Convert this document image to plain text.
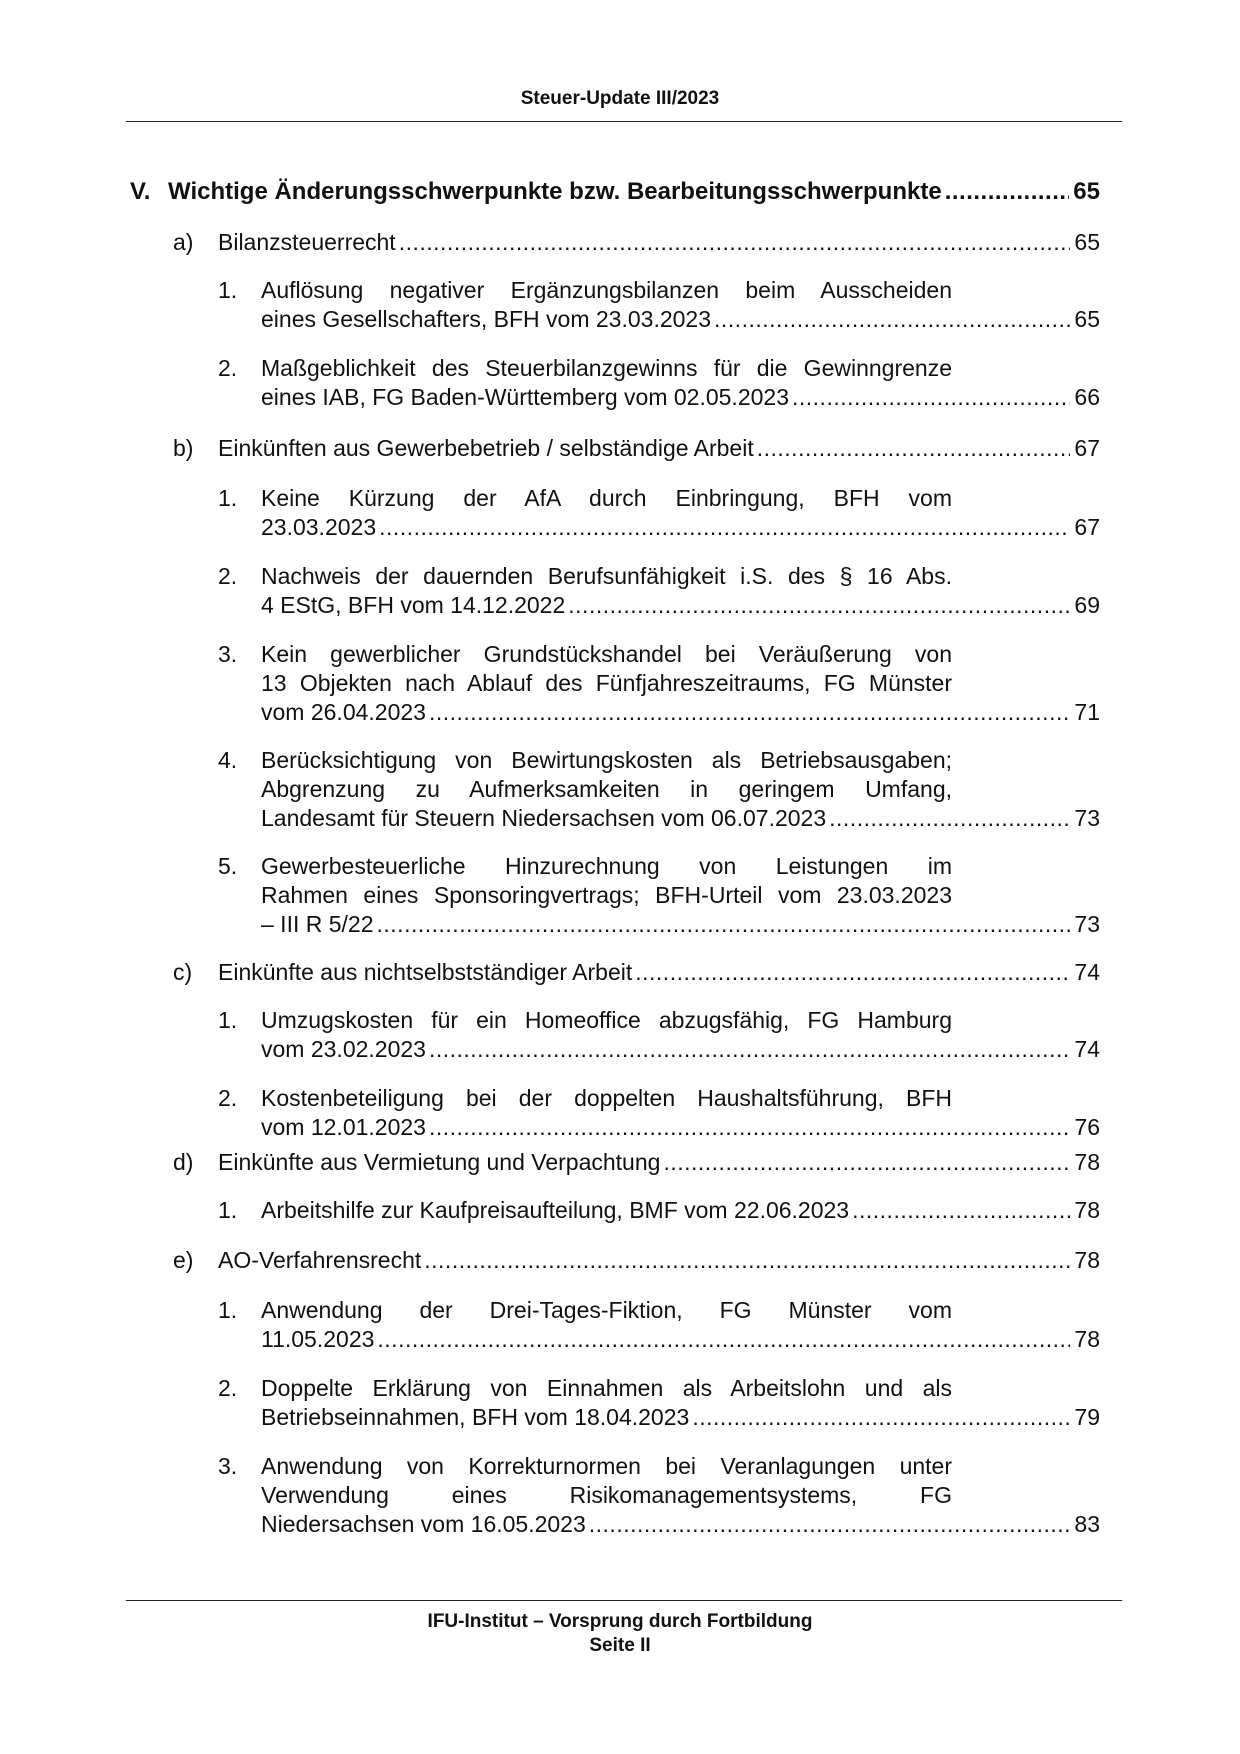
Steuer-Update III/2023
V. Wichtige Änderungsschwerpunkte bzw. Bearbeitungsschwerpunkte .....	65
a) Bilanzsteuerrecht .....	65
1. Auflösung negativer Ergänzungsbilanzen beim Ausscheiden
eines Gesellschafters, BFH vom 23.03.2023 .....	65
2. Maßgeblichkeit des Steuerbilanzgewinns für die Gewinngrenze
eines IAB, FG Baden-Württemberg vom 02.05.2023 .....	66
b) Einkünften aus Gewerbebetrieb / selbständige Arbeit .....	67
1. Keine Kürzung der AfA durch Einbringung, BFH vom
23.03.2023 .....	67
2. Nachweis der dauernden Berufsunfähigkeit i.S. des § 16 Abs.
4 EStG, BFH vom 14.12.2022 .....	69
3. Kein gewerblicher Grundstückshandel bei Veräußerung von
13 Objekten nach Ablauf des Fünfjahreszeitraums, FG Münster
vom 26.04.2023 .....	71
4. Berücksichtigung von Bewirtungskosten als Betriebsausgaben;
Abgrenzung zu Aufmerksamkeiten in geringem Umfang,
Landesamt für Steuern Niedersachsen vom 06.07.2023 .....	73
5. Gewerbesteuerliche Hinzurechnung von Leistungen im
Rahmen eines Sponsoringvertrags; BFH-Urteil vom 23.03.2023
– III R 5/22 .....	73
c) Einkünfte aus nichtselbstständiger Arbeit .....	74
1. Umzugskosten für ein Homeoffice abzugsfähig, FG Hamburg
vom 23.02.2023 .....	74
2. Kostenbeteiligung bei der doppelten Haushaltsführung, BFH
vom 12.01.2023 .....	76
d) Einkünfte aus Vermietung und Verpachtung .....	78
1. Arbeitshilfe zur Kaufpreisaufteilung, BMF vom 22.06.2023 .....	78
e) AO-Verfahrensrecht .....	78
1. Anwendung der Drei-Tages-Fiktion, FG Münster vom
11.05.2023 .....	78
2. Doppelte Erklärung von Einnahmen als Arbeitslohn und als
Betriebseinnahmen, BFH vom 18.04.2023 .....	79
3. Anwendung von Korrekturnormen bei Veranlagungen unter
Verwendung eines Risikomanagementsystems, FG
Niedersachsen vom 16.05.2023 .....	83
IFU-Institut – Vorsprung durch Fortbildung
Seite II
